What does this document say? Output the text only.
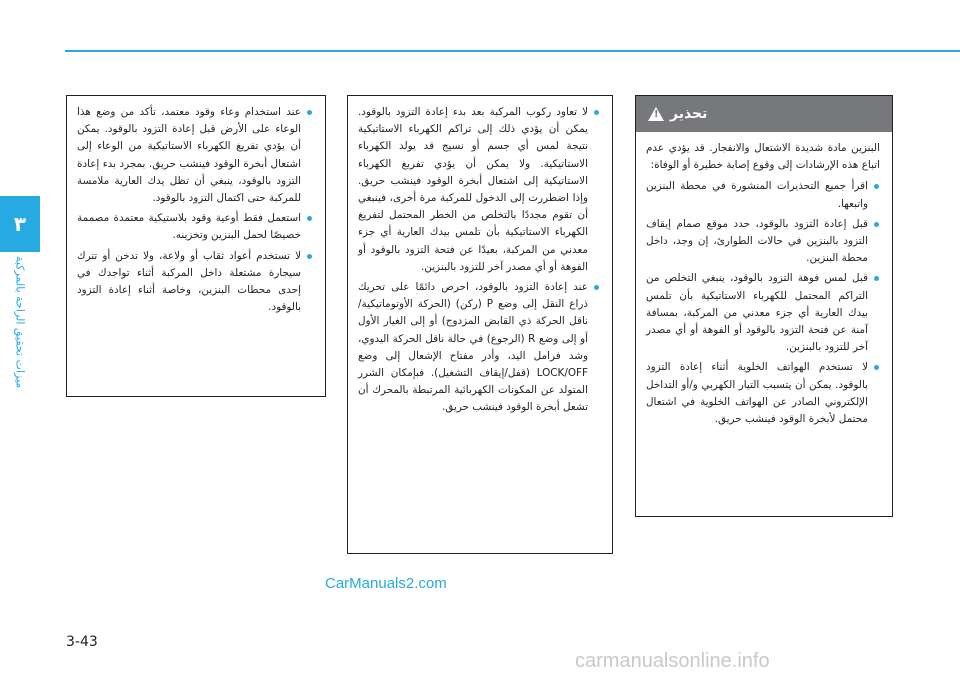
٣
ميزات تحقيق الراحة بالمركبة
تحذير
!

البنزين مادة شديدة الاشتعال والانفجار. قد يؤدي عدم اتباع هذه الإرشادات إلى وقوع إصابة خطيرة أو الوفاة:

اقرأ جميع التحذيرات المنشورة في محطة البنزين واتبعها.
قبل إعادة التزود بالوقود، حدد موقع صمام إيقاف التزود بالبنزين في حالات الطوارئ، إن وجد، داخل محطة البنزين.
قبل لمس فوهة التزود بالوقود، ينبغي التخلص من التراكم المحتمل للكهرباء الاستاتيكية بأن تلمس بيدك العارية أي جزء معدني من المركبة، بمسافة آمنة عن فتحة التزود بالوقود أو الفوهة أو أي مصدر آخر للتزود بالبنزين.
لا تستخدم الهواتف الخلوية أثناء إعادة التزود بالوقود. يمكن أن يتسبب التيار الكهربي و/أو التداخل الإلكتروني الصادر عن الهواتف الخلوية في اشتعال محتمل لأبخرة الوقود فينشب حريق.
لا تعاود ركوب المركبة بعد بدء إعادة التزود بالوقود. يمكن أن يؤدي ذلك إلى تراكم الكهرباء الاستاتيكية نتيجة لمس أي جسم أو نسيج قد يولد الكهرباء الاستاتيكية. ولا يمكن أن يؤدي تفريغ الكهرباء الاستاتيكية إلى اشتعال أبخرة الوقود فينشب حريق. وإذا اضطررت إلى الدخول للمركبة مرة أخرى، فينبغي أن تقوم مجددًا بالتخلص من الخطر المحتمل لتفريغ الكهرباء الاستاتيكية بأن تلمس بيدك العارية أي جزء معدني من المركبة، بعيدًا عن فتحة التزود بالوقود أو الفوهة أو أي مصدر آخر للتزود بالبنزين.
عند إعادة التزود بالوقود، احرص دائمًا على تحريك ذراع النقل إلى وضع P (ركن) (الحركة الأوتوماتيكية/ناقل الحركة ذي القابض المزدوج) أو إلى الغيار الأول أو إلى وضع R (الرجوع) في حالة ناقل الحركة اليدوي، وشد فرامل اليد، وأدر مفتاح الإشعال إلى وضع LOCK/OFF (قفل/إيقاف التشغيل). فبإمكان الشرر المتولد عن المكونات الكهربائية المرتبطة بالمحرك أن تشعل أبخرة الوقود فينشب حريق.
عند استخدام وعاء وقود معتمد، تأكد من وضع هذا الوعاء على الأرض قبل إعادة التزود بالوقود. يمكن أن يؤدي تفريغ الكهرباء الاستاتيكية من الوعاء إلى اشتعال أبخرة الوقود فينشب حريق. بمجرد بدء إعادة التزود بالوقود، ينبغي أن تظل يدك العارية ملامسة للمركبة حتى اكتمال التزود بالوقود.
استعمل فقط أوعية وقود بلاستيكية معتمدة مصممة خصيصًا لحمل البنزين وتخزينه.
لا تستخدم أعواد ثقاب أو ولاعة، ولا تدخن أو تترك سيجارة مشتعلة داخل المركبة أثناء تواجدك في إحدى محطات البنزين، وخاصة أثناء إعادة التزود بالوقود.
CarManuals2.com
3-43
carmanualsonline.info
